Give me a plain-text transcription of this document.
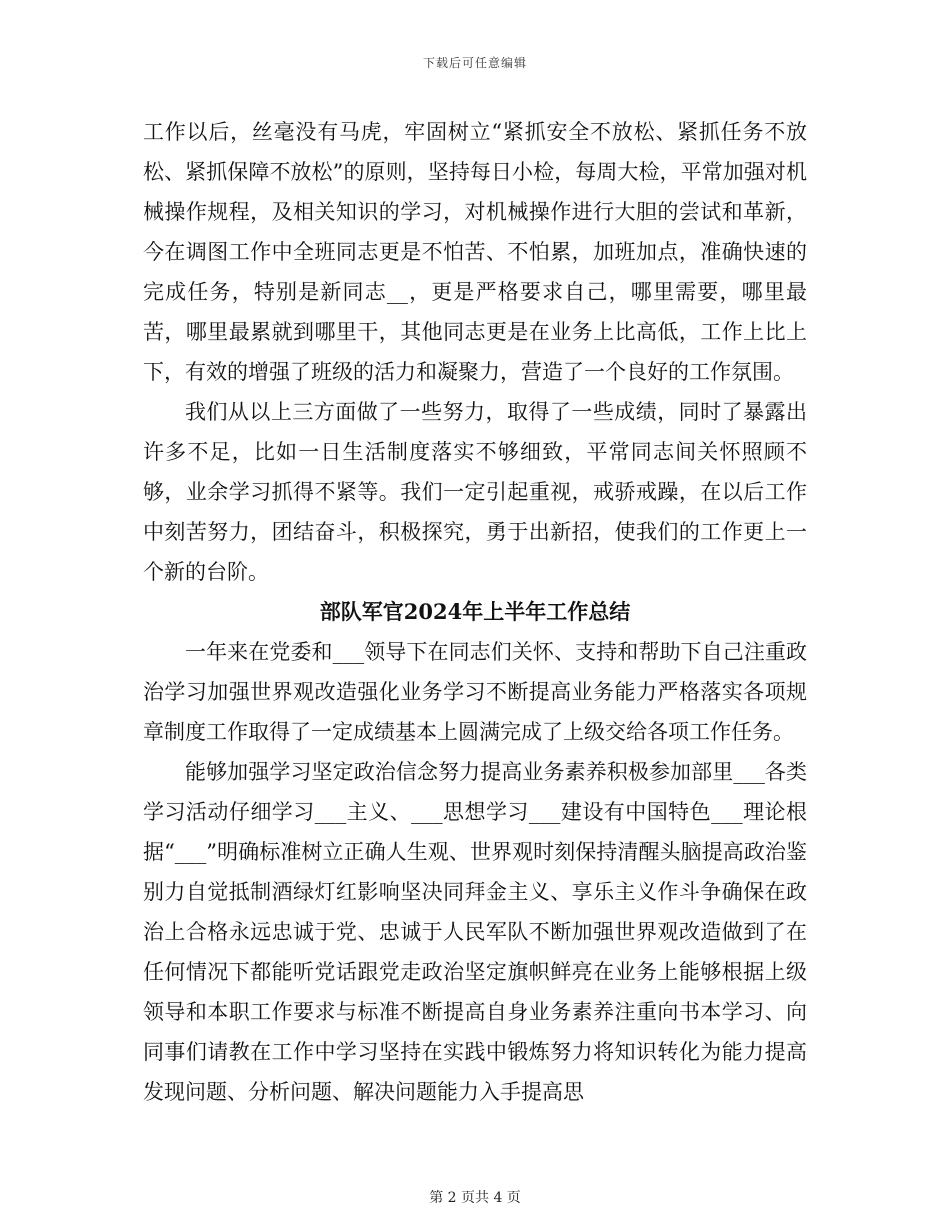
下载后可任意编辑

工作以后，丝毫没有马虎，牢固树立“紧抓安全不放松、紧抓任务不放松、紧抓保障不放松”的原则，坚持每日小检，每周大检，平常加强对机械操作规程，及相关知识的学习，对机械操作进行大胆的尝试和革新，今在调图工作中全班同志更是不怕苦、不怕累，加班加点，准确快速的完成任务，特别是新同志__，更是严格要求自己，哪里需要，哪里最苦，哪里最累就到哪里干，其他同志更是在业务上比高低，工作上比上下，有效的增强了班级的活力和凝聚力，营造了一个良好的工作氛围。

我们从以上三方面做了一些努力，取得了一些成绩，同时了暴露出许多不足，比如一日生活制度落实不够细致，平常同志间关怀照顾不够，业余学习抓得不紧等。我们一定引起重视，戒骄戒躁，在以后工作中刻苦努力，团结奋斗，积极探究，勇于出新招，使我们的工作更上一个新的台阶。

部队军官2024年上半年工作总结

一年来在党委和___领导下在同志们关怀、支持和帮助下自己注重政治学习加强世界观改造强化业务学习不断提高业务能力严格落实各项规章制度工作取得了一定成绩基本上圆满完成了上级交给各项工作任务。

能够加强学习坚定政治信念努力提高业务素养积极参加部里___各类学习活动仔细学习___主义、___思想学习___建设有中国特色___理论根据“___”明确标准树立正确人生观、世界观时刻保持清醒头脑提高政治鉴别力自觉抵制酒绿灯红影响坚决同拜金主义、享乐主义作斗争确保在政治上合格永远忠诚于党、忠诚于人民军队不断加强世界观改造做到了在任何情况下都能听党话跟党走政治坚定旗帜鲜亮在业务上能够根据上级领导和本职工作要求与标准不断提高自身业务素养注重向书本学习、向同事们请教在工作中学习坚持在实践中锻炼努力将知识转化为能力提高发现问题、分析问题、解决问题能力入手提高思

第 2 页共 4 页
